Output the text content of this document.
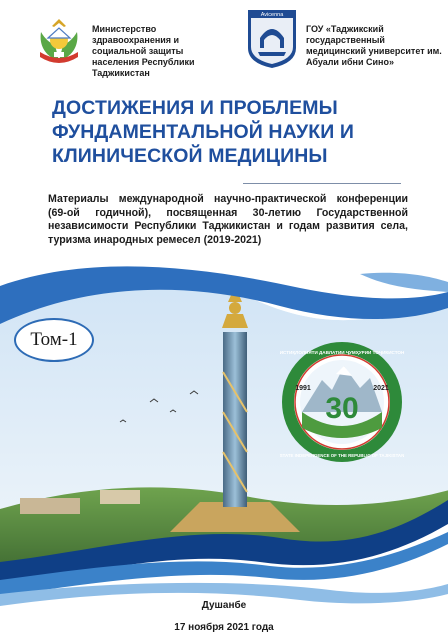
Министерство здравоохранения и социальной защиты населения Республики Таджикистан
Avicenna
ГОУ «Таджикский государственный медицинский университет им. Абуали ибни Сино»
ДОСТИЖЕНИЯ И ПРОБЛЕМЫ
ФУНДАМЕНТАЛЬНОЙ НАУКИ И
КЛИНИЧЕСКОЙ МЕДИЦИНЫ
Материалы международной научно-практической конференции (69-ой годичной), посвященная 30-летию Государственной независимости Республики Таджикистан и годам развития села, туризма инародных ремесел (2019-2021)
30
1991	2021
ИСТИҚЛОЛИЯТИ ДАВЛАТИИ ҶУМҲУРИИ ТОҶИКИСТОН
STATE INDEPENDENCE OF THE REPUBLIC OF TAJIKISTAN
Том-1
Душанбе
17 ноября 2021 года
